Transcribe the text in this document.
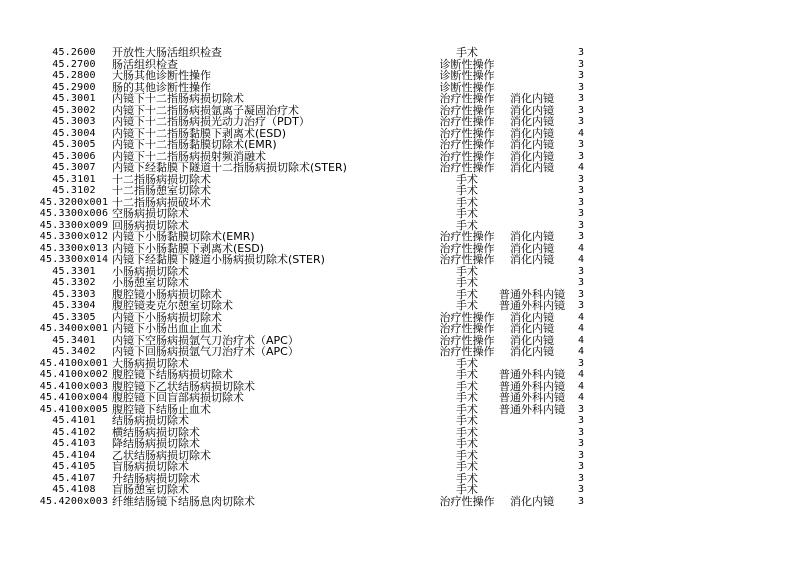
45.2600	开放性大肠活组织检查	手术	3
45.2700	肠活组织检查	诊断性操作	3
45.2800	大肠其他诊断性操作	诊断性操作	3
45.2900	肠的其他诊断性操作	诊断性操作	3
45.3001	内镜下十二指肠病损切除术	治疗性操作	消化内镜	3
45.3002	内镜下十二指肠病损氩离子凝固治疗术	治疗性操作	消化内镜	3
45.3003	内镜下十二指肠病损光动力治疗（PDT）	治疗性操作	消化内镜	3
45.3004	内镜下十二指肠黏膜下剥离术(ESD)	治疗性操作	消化内镜	4
45.3005	内镜下十二指肠黏膜切除术(EMR)	治疗性操作	消化内镜	3
45.3006	内镜下十二指肠病损射频消融术	治疗性操作	消化内镜	3
45.3007	内镜下经黏膜下隧道十二指肠病损切除术(STER)	治疗性操作	消化内镜	4
45.3101	十二指肠病损切除术	手术	3
45.3102	十二指肠憩室切除术	手术	3
45.3200x001 十二指肠病损破坏术	手术	3
45.3300x006 空肠病损切除术	手术	3
45.3300x009 回肠病损切除术	手术	3
45.3300x012 内镜下小肠黏膜切除术(EMR)	治疗性操作	消化内镜	3
45.3300x013 内镜下小肠黏膜下剥离术(ESD)	治疗性操作	消化内镜	4
45.3300x014 内镜下经黏膜下隧道小肠病损切除术(STER)	治疗性操作	消化内镜	4
45.3301	小肠病损切除术	手术	3
45.3302	小肠憩室切除术	手术	3
45.3303	腹腔镜小肠病损切除术	手术	普通外科内镜	3
45.3304	腹腔镜麦克尔憩室切除术	手术	普通外科内镜	3
45.3305	内镜下小肠病损切除术	治疗性操作	消化内镜	4
45.3400x001 内镜下小肠出血止血术	治疗性操作	消化内镜	4
45.3401	内镜下空肠病损氩气刀治疗术（APC）	治疗性操作	消化内镜	4
45.3402	内镜下回肠病损氩气刀治疗术（APC）	治疗性操作	消化内镜	4
45.4100x001 大肠病损切除术	手术	3
45.4100x002 腹腔镜下结肠病损切除术	手术	普通外科内镜	4
45.4100x003 腹腔镜下乙状结肠病损切除术	手术	普通外科内镜	4
45.4100x004 腹腔镜下回盲部病损切除术	手术	普通外科内镜	4
45.4100x005 腹腔镜下结肠止血术	手术	普通外科内镜	3
45.4101	结肠病损切除术	手术	3
45.4102	横结肠病损切除术	手术	3
45.4103	降结肠病损切除术	手术	3
45.4104	乙状结肠病损切除术	手术	3
45.4105	盲肠病损切除术	手术	3
45.4107	升结肠病损切除术	手术	3
45.4108	盲肠憩室切除术	手术	3
45.4200x003 纤维结肠镜下结肠息肉切除术	治疗性操作	消化内镜	3
